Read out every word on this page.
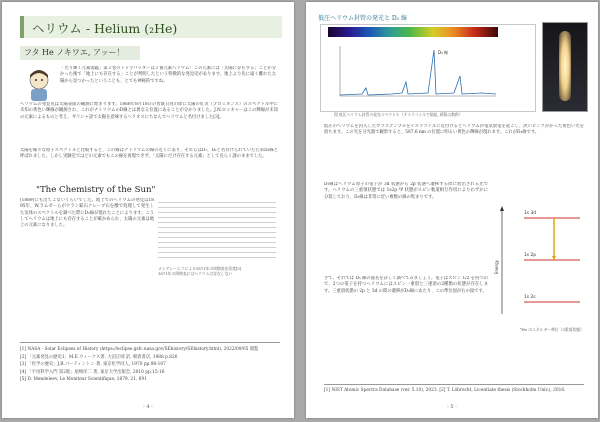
ヘリウム - Helium (₂He)
フタ He ノキワエ, アッー！
「光り輝く元素図鑑」第２巻のトップバッターは２番元素ヘリウム！この元素には「太陽に存在する」ことが分かった後で「地上にも存在する」ことが判明したという特徴的な発見史があります。地上より先に遠く離れた太陽から見つかったということも、とても神秘的ですね。
ヘリウムの発見史は太陽表面の観測に始まります。1868年8月18日の皆既日食の際に太陽の紅炎（プロミネンス）のスペクトル中に未知の黄色い輝線が観測され、これがナトリウムのD線とは異なる位置にあることが分かりました。J.N.ロッキャーはこの輝線が未知の元素によるものと考え、ギリシャ語で太陽を意味するヘリオスにちなんでヘリウムと名付けました[3]。
太陽を様々な原子スペクトルと比較すると、この線はナトリウムの線の近くにあり、それらはD₁、D₂と名付けられていたためD₃線と呼ばれました。しかし実験室ではどの元素でもこの線を再現できず、「太陽にだけ存在する元素」として長らく謎のままでした。
"The Chemistry of the Sun"
(1889)にも出てこないくらいでした。地上でのヘリウムの発見は1895年、W.ラムゼーらがウラン鉱石クレーブ石を酸で処理して発生した気体のスペクトルを調べた際にD₃線が現れたことによります。こうしてヘリウムは地上にも存在することが確かめられ、太陽の元素は地上の元素になりました。
メンデレーエフによる1871年の周期表を改変[5]
1871年の周期表にはヘリウムは存在しない
[1] NASA - Solar Eclipses of History (https://eclipse.gsfc.nasa.gov/SEhistory/SEhistory.html), 2022/09/05 閲覧
[2] 「元素発見の歴史1」M.E.ウィークス著, 大沼正則 訳, 朝倉書店, 1988 p.826
[3] 「化学の歴史」J.R.パーティントン 著, 東京化学同人, 1970 pp.98-107
[4] 「宇宙科学入門 第2版」尾崎洋二 著, 東京大学出版会, 2010 pp.15-16
[5] D. Mendeleev, Le Moniteur Scientifique, 1879, 21, 691
- 4 -
低圧ヘリウム封管の発光と D₃ 線
D₃ 線
図 低圧ヘリウム封管の発光スペクトル（テスラコイルで励起, 積算は数秒）
低圧のヘリウムを封入したガラスアンプルをテスラコイルに近付けるとヘリウムが電気放電を起こし、淡いピンクがかった黄色い光を放ちます。この光を分光器で観察すると、587.6 nm の位置に明るい黄色の輝線が現れます。これがD₃線です。
D₃線はヘリウム原子の電子が 3d 状態から 2p 状態へ遷移する際に放出される光です。ヘリウムの三重項状態では 1s2p ³P 状態がスピン軌道相互作用によりわずかに分裂しており、D₃線は非常に近い複数の線の集まりです。
さて、それでは D₃ 線の波長を詳しく調べてみましょう。電子はスピン 1/2 を持つので、2つの電子を持つヘリウムにはスピン一重項と三重項の2種類の状態が存在します。三重項状態の 2p と 3d の間の遷移がD₃線にあたり、この準位図が右の図です。
1s 3d
1s 2p
1s 2s
Energy
⁴He のエネルギー準位（3重項状態）
[1] NIST Atomic Spectra Database (ver. 5.10), 2023. [2] T. Löbrecht, Licentiate thesis (Stockholm Univ.), 2016.
- 5 -
